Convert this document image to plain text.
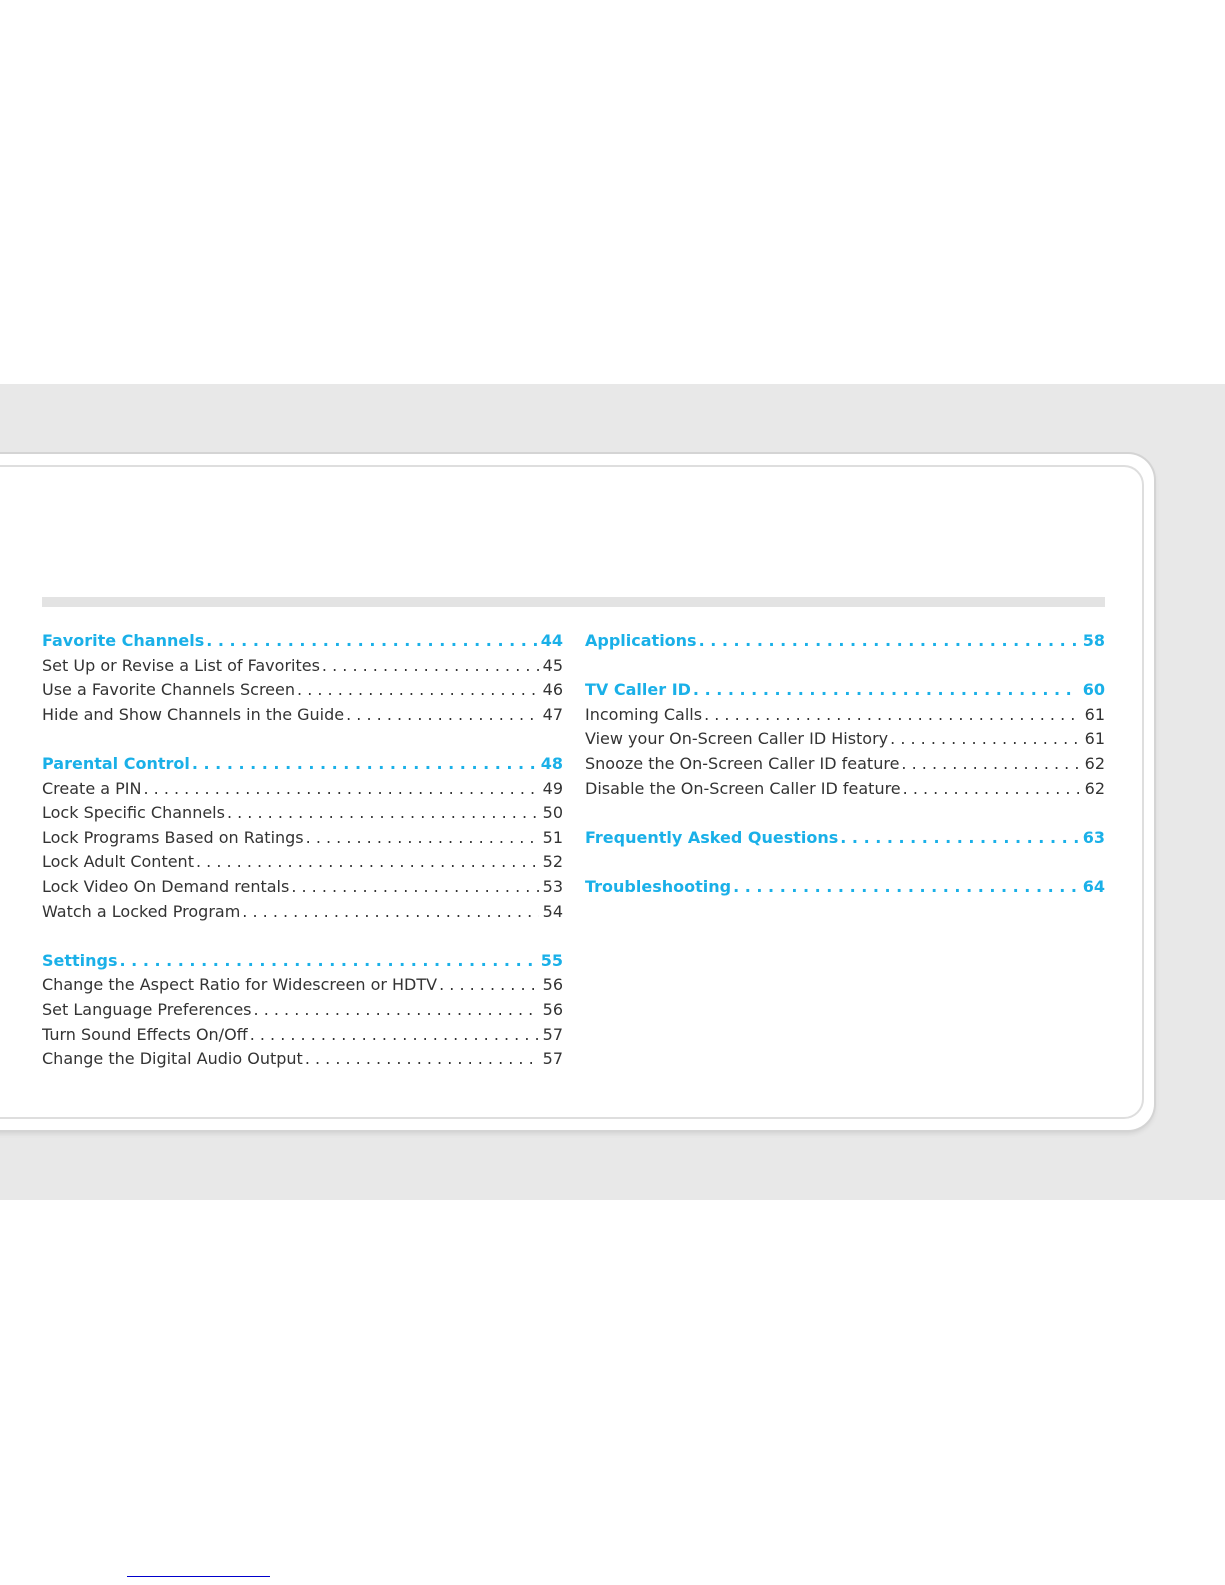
Favorite Channels . . .	44
Set Up or Revise a List of Favorites . . .	45
Use a Favorite Channels Screen . . .	46
Hide and Show Channels in the Guide . . .	47
Parental Control . . .	48
Create a PIN . . .	49
Lock Specific Channels . . .	50
Lock Programs Based on Ratings . . .	51
Lock Adult Content . . .	52
Lock Video On Demand rentals . . .	53
Watch a Locked Program . . .	54
Settings . . .	55
Change the Aspect Ratio for Widescreen or HDTV . . .	56
Set Language Preferences . . .	56
Turn Sound Effects On/Off . . .	57
Change the Digital Audio Output . . .	57
Applications . . .	58
TV Caller ID . . .	60
Incoming Calls . . .	61
View your On-Screen Caller ID History . . .	61
Snooze the On-Screen Caller ID feature . . .	62
Disable the On-Screen Caller ID feature . . .	62
Frequently Asked Questions . . .	63
Troubleshooting . . .	64
